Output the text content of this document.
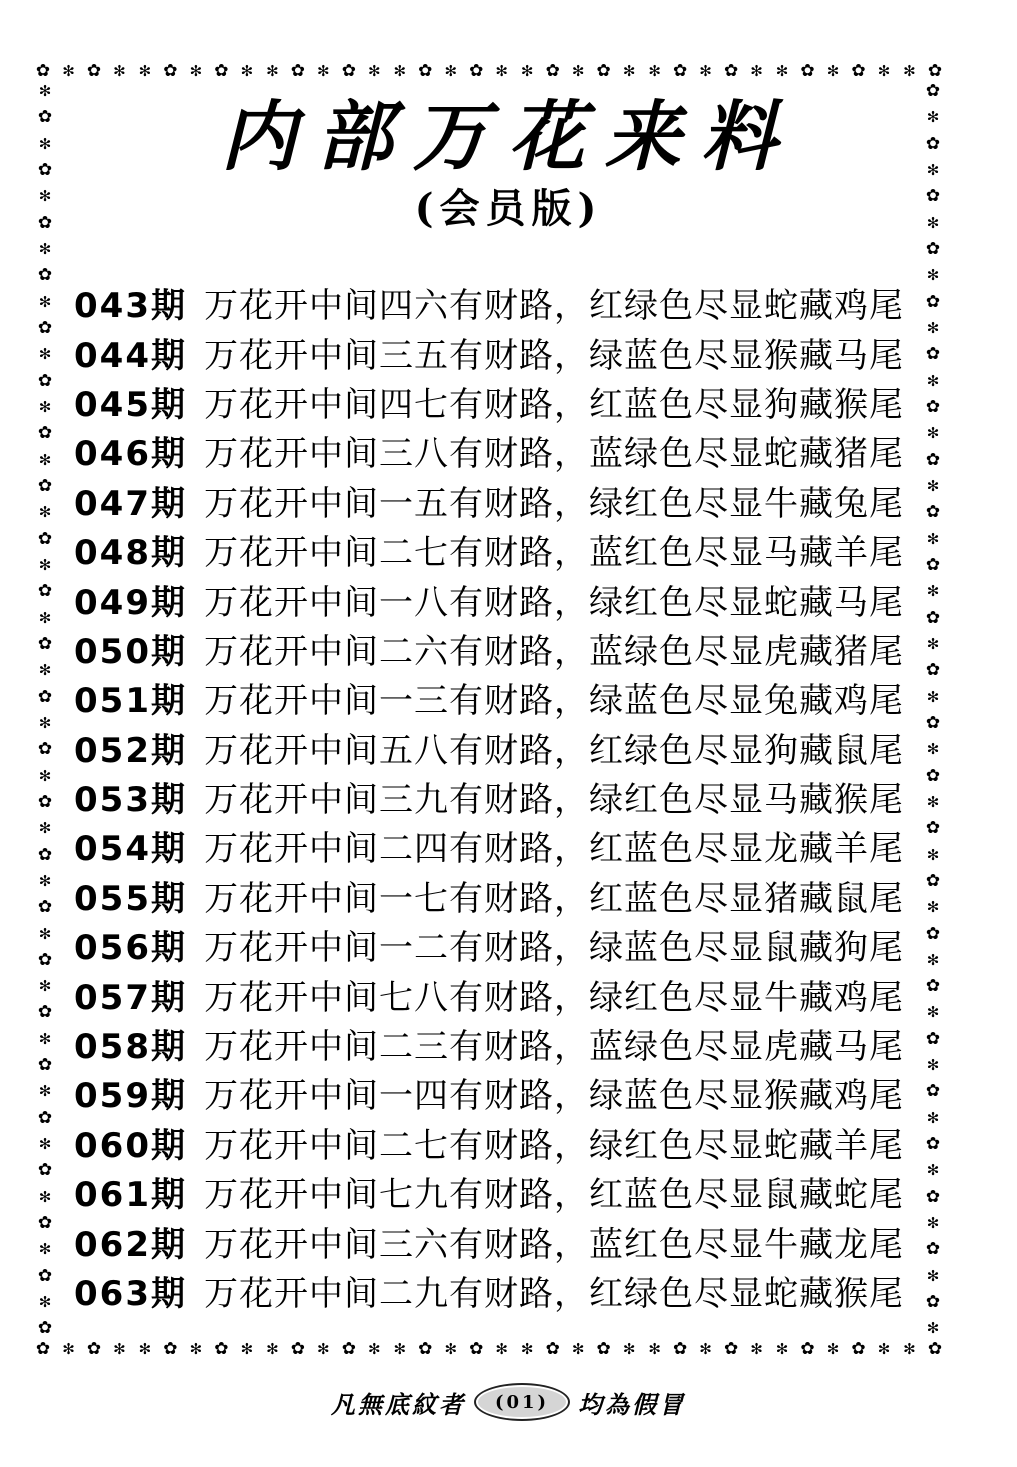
✿ ✻ ✿ ✻ ✻ ✿ ✻ ✿ ✻ ✻ ✿ ✻ ✿ ✻ ✻ ✿ ✻ ✿ ✻ ✻ ✿ ✻ ✿ ✻ ✻ ✿ ✻ ✿ ✻ ✻ ✿ ✻ ✿ ✻ ✻ ✿
✿ ✻ ✿ ✻ ✻ ✿ ✻ ✿ ✻ ✻ ✿ ✻ ✿ ✻ ✻ ✿ ✻ ✿ ✻ ✻ ✿ ✻ ✿ ✻ ✻ ✿ ✻ ✿ ✻ ✻ ✿ ✻ ✿ ✻ ✻ ✿
✻
✿
✻
✿
✻
✿
✻
✿
✻
✿
✻
✿
✻
✿
✻
✿
✻
✿
✻
✿
✻
✿
✻
✿
✻
✿
✻
✿
✻
✿
✻
✿
✻
✿
✻
✿
✻
✿
✻
✿
✻
✿
✻
✿
✻
✿
✻
✿
✿
✻
✿
✻
✿
✻
✿
✻
✿
✻
✿
✻
✿
✻
✿
✻
✿
✻
✿
✻
✿
✻
✿
✻
✿
✻
✿
✻
✿
✻
✿
✻
✿
✻
✿
✻
✿
✻
✿
✻
✿
✻
✿
✻
✿
✻
✿
✻
内部万花来料
(会员版)
043期 万花开中间四六有财路，红绿色尽显蛇藏鸡尾
044期 万花开中间三五有财路，绿蓝色尽显猴藏马尾
045期 万花开中间四七有财路，红蓝色尽显狗藏猴尾
046期 万花开中间三八有财路，蓝绿色尽显蛇藏猪尾
047期 万花开中间一五有财路，绿红色尽显牛藏兔尾
048期 万花开中间二七有财路，蓝红色尽显马藏羊尾
049期 万花开中间一八有财路，绿红色尽显蛇藏马尾
050期 万花开中间二六有财路，蓝绿色尽显虎藏猪尾
051期 万花开中间一三有财路，绿蓝色尽显兔藏鸡尾
052期 万花开中间五八有财路，红绿色尽显狗藏鼠尾
053期 万花开中间三九有财路，绿红色尽显马藏猴尾
054期 万花开中间二四有财路，红蓝色尽显龙藏羊尾
055期 万花开中间一七有财路，红蓝色尽显猪藏鼠尾
056期 万花开中间一二有财路，绿蓝色尽显鼠藏狗尾
057期 万花开中间七八有财路，绿红色尽显牛藏鸡尾
058期 万花开中间二三有财路，蓝绿色尽显虎藏马尾
059期 万花开中间一四有财路，绿蓝色尽显猴藏鸡尾
060期 万花开中间二七有财路，绿红色尽显蛇藏羊尾
061期 万花开中间七九有财路，红蓝色尽显鼠藏蛇尾
062期 万花开中间三六有财路，蓝红色尽显牛藏龙尾
063期 万花开中间二九有财路，红绿色尽显蛇藏猴尾
凡無底紋者 (01) 均為假冒
